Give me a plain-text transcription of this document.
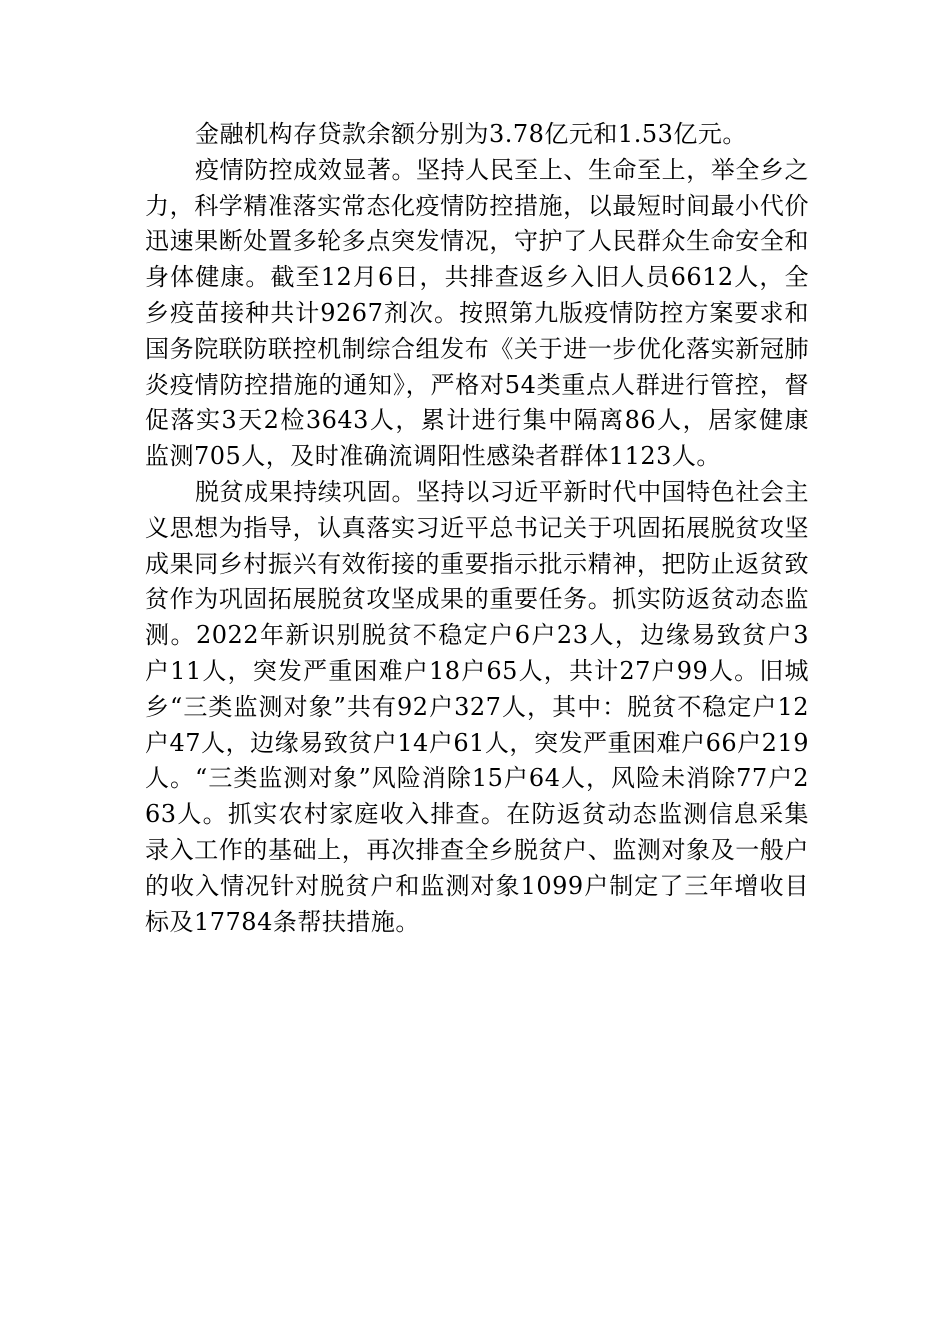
金融机构存贷款余额分别为3.78亿元和1.53亿元。

疫情防控成效显著。坚持人民至上、生命至上，举全乡之力，科学精准落实常态化疫情防控措施，以最短时间最小代价迅速果断处置多轮多点突发情况，守护了人民群众生命安全和身体健康。截至12月6日，共排查返乡入旧人员6612人，全乡疫苗接种共计9267剂次。按照第九版疫情防控方案要求和国务院联防联控机制综合组发布《关于进一步优化落实新冠肺炎疫情防控措施的通知》，严格对54类重点人群进行管控，督促落实3天2检3643人，累计进行集中隔离86人，居家健康监测705人，及时准确流调阳性感染者群体1123人。

脱贫成果持续巩固。坚持以习近平新时代中国特色社会主义思想为指导，认真落实习近平总书记关于巩固拓展脱贫攻坚成果同乡村振兴有效衔接的重要指示批示精神，把防止返贫致贫作为巩固拓展脱贫攻坚成果的重要任务。抓实防返贫动态监测。2022年新识别脱贫不稳定户6户23人，边缘易致贫户3户11人，突发严重困难户18户65人，共计27户99人。旧城乡“三类监测对象”共有92户327人，其中：脱贫不稳定户12户47人，边缘易致贫户14户61人，突发严重困难户66户219人。“三类监测对象”风险消除15户64人，风险未消除77户263人。抓实农村家庭收入排查。在防返贫动态监测信息采集录入工作的基础上，再次排查全乡脱贫户、监测对象及一般户的收入情况针对脱贫户和监测对象1099户制定了三年增收目标及17784条帮扶措施。
